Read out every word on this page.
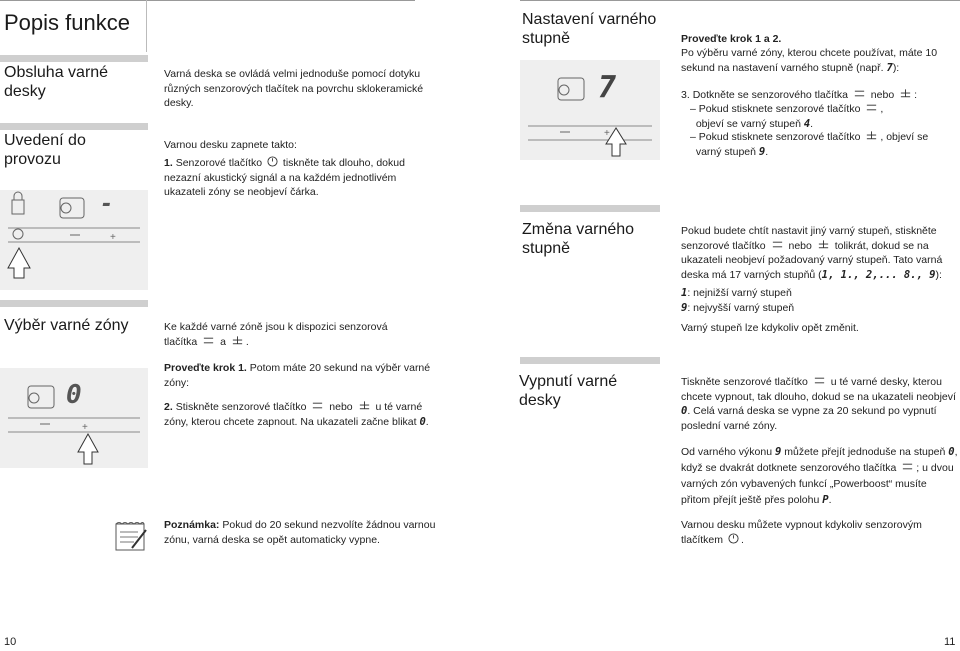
Popis funkce
Obsluha varné desky
Varná deska se ovládá velmi jednoduše pomocí dotyku různých senzorových tlačítek na povrchu sklokeramické desky.
Uvedení do provozu
Varnou desku zapnete takto:
1. Senzorové tlačítko tiskněte tak dlouho, dokud nezazní akustický signál a na každém jednotlivém ukazateli zóny se neobjeví čárka.
+
-
Výběr varné zóny	Ke každé varné zóně jsou k dispozici senzorová tlačítka a .
+
0
Proveďte krok 1. Potom máte 20 sekund na výběr varné zóny:
2. Stiskněte senzorové tlačítko nebo u té varné zóny, kterou chcete zapnout. Na ukazateli začne blikat 0.
Poznámka: Pokud do 20 sekund nezvolíte žádnou varnou zónu, varná deska se opět automaticky vypne.
10
Nastavení varného stupně
+
7
Proveďte krok 1 a 2.
Po výběru varné zóny, kterou chcete používat, máte 10 sekund na nastavení varného stupně (např. 7):
3. Dotkněte se senzorového tlačítka nebo :
– Pokud stisknete senzorové tlačítko ,
objeví se varný stupeň 4.
– Pokud stisknete senzorové tlačítko , objeví se
varný stupeň 9.
Změna varného stupně
Pokud budete chtít nastavit jiný varný stupeň, stiskněte senzorové tlačítko nebo tolikrát, dokud se na ukazateli neobjeví požadovaný varný stupeň. Tato varná deska má 17 varných stupňů (1, 1., 2,... 8., 9):
1: nejnižší varný stupeň
9: nejvyšší varný stupeň
Varný stupeň lze kdykoliv opět změnit.
Vypnutí varné desky
Tiskněte senzorové tlačítko u té varné desky, kterou chcete vypnout, tak dlouho, dokud se na ukazateli neobjeví 0. Celá varná deska se vypne za 20 sekund po vypnutí poslední varné zóny.
Od varného výkonu 9 můžete přejít jednoduše na stupeň 0, když se dvakrát dotknete senzorového tlačítka ; u dvou varných zón vybavených funkcí „Powerboost“ musíte přitom přejít ještě přes polohu P.
Varnou desku můžete vypnout kdykoliv senzorovým tlačítkem .
11
